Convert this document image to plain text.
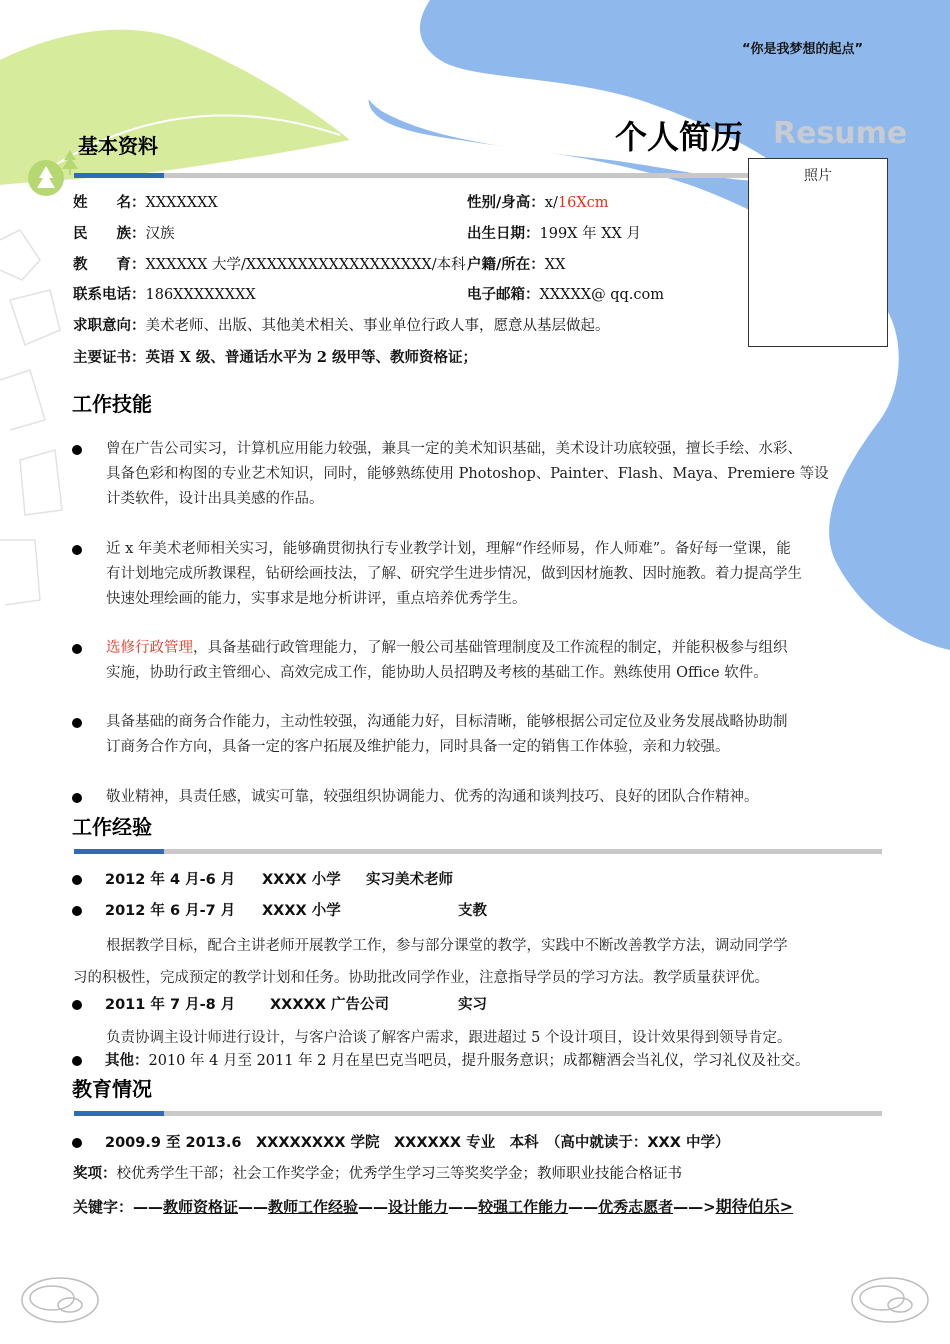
“你是我梦想的起点”
个人简历 Resume
基本资料
照片
姓　　名：XXXXXXX	性别/身高：x/16Xcm
民　　族：汉族	出生日期：199X 年 XX 月
教　　育：XXXXXX 大学/XXXXXXXXXXXXXXXXXX/本科 户籍/所在：XX
联系电话：186XXXXXXXX	电子邮箱：XXXXX@ qq.com
求职意向：美术老师、出版、其他美术相关、事业单位行政人事，愿意从基层做起。
主要证书：英语 X 级、普通话水平为 2 级甲等、教师资格证；
工作技能
曾在广告公司实习，计算机应用能力较强，兼具一定的美术知识基础，美术设计功底较强，擅长手绘、水彩、
具备色彩和构图的专业艺术知识，同时，能够熟练使用 Photoshop、Painter、Flash、Maya、Premiere 等设
计类软件，设计出具美感的作品。
近 x 年美术老师相关实习，能够确贯彻执行专业教学计划，理解“作经师易，作人师难”。备好每一堂课，能
有计划地完成所教课程，钻研绘画技法，了解、研究学生进步情况，做到因材施教、因时施教。着力提高学生
快速处理绘画的能力，实事求是地分析讲评，重点培养优秀学生。
选修行政管理，具备基础行政管理能力，了解一般公司基础管理制度及工作流程的制定，并能积极参与组织
实施，协助行政主管细心、高效完成工作，能协助人员招聘及考核的基础工作。熟练使用 Office 软件。
具备基础的商务合作能力，主动性较强，沟通能力好，目标清晰，能够根据公司定位及业务发展战略协助制
订商务合作方向，具备一定的客户拓展及维护能力，同时具备一定的销售工作体验，亲和力较强。
敬业精神，具责任感，诚实可靠，较强组织协调能力、优秀的沟通和谈判技巧、良好的团队合作精神。
工作经验
2012 年 4 月-6 月 XXXX 小学 实习美术老师
2012 年 6 月-7 月 XXXX 小学	支教
根据教学目标，配合主讲老师开展教学工作，参与部分课堂的教学，实践中不断改善教学方法，调动同学学
习的积极性，完成预定的教学计划和任务。协助批改同学作业，注意指导学员的学习方法。教学质量获评优。
2011 年 7 月-8 月 XXXXX 广告公司	实习
负责协调主设计师进行设计，与客户洽谈了解客户需求，跟进超过 5 个设计项目，设计效果得到领导肯定。
其他：2010 年 4 月至 2011 年 2 月在星巴克当吧员，提升服务意识；成都糖酒会当礼仪，学习礼仪及社交。
教育情况
2009.9 至 2013.6　XXXXXXXX 学院　XXXXXX 专业　本科　（高中就读于：XXX 中学）
奖项：校优秀学生干部；社会工作奖学金；优秀学生学习三等奖奖学金；教师职业技能合格证书
关键字：——教师资格证——教师工作经验——设计能力——较强工作能力——优秀志愿者——>期待伯乐>
